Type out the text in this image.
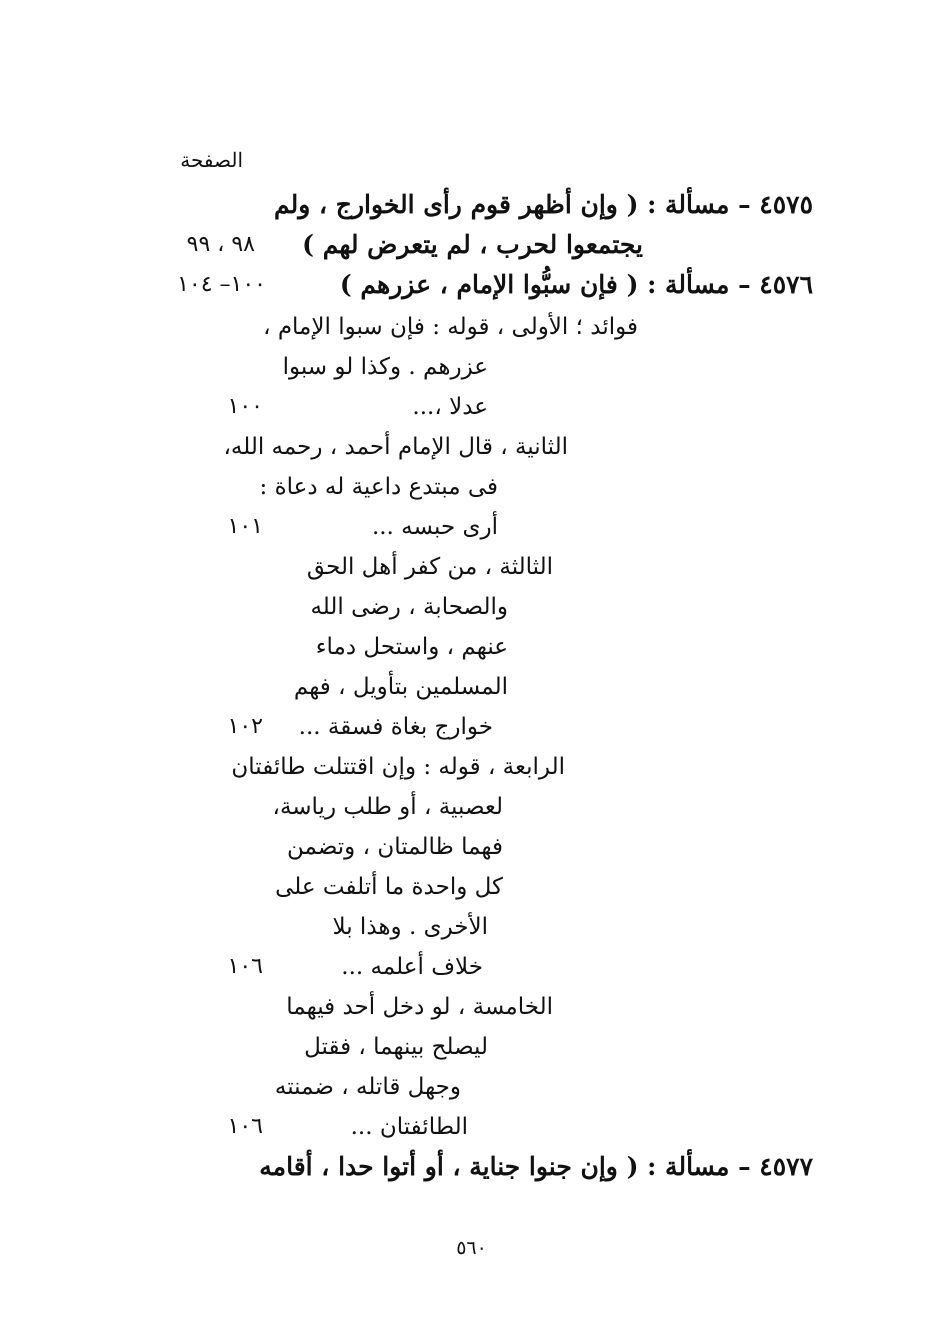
الصفحة
٤٥٧٥ – مسألة : ( وإن أظهر قوم رأى الخوارج ، ولم
يجتمعوا لحرب ، لم يتعرض لهم )
٩٨ ، ٩٩
٤٥٧٦ – مسألة : ( فإن سبُّوا الإمام ، عزرهم )
١٠٠– ١٠٤
فوائد ؛ الأولى ، قوله : فإن سبوا الإمام ،
عزرهم . وكذا لو سبوا
عدلا ،...
١٠٠
الثانية ، قال الإمام أحمد ، رحمه الله،
فى مبتدع داعية له دعاة :
أرى حبسه ...
١٠١
الثالثة ، من كفر أهل الحق
والصحابة ، رضى الله
عنهم ، واستحل دماء
المسلمين بتأويل ، فهم
خوارج بغاة فسقة ...
١٠٢
الرابعة ، قوله : وإن اقتتلت طائفتان
لعصبية ، أو طلب رياسة،
فهما ظالمتان ، وتضمن
كل واحدة ما أتلفت على
الأخرى . وهذا بلا
خلاف أعلمه ...
١٠٦
الخامسة ، لو دخل أحد فيهما
ليصلح بينهما ، فقتل
وجهل قاتله ، ضمنته
الطائفتان ...
١٠٦
٤٥٧٧ – مسألة : ( وإن جنوا جناية ، أو أتوا حدا ، أقامه
٥٦٠
